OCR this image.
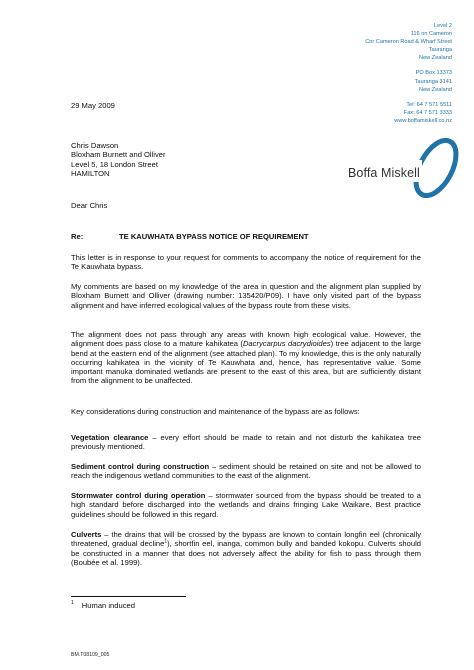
Level 2
116 on Cameron
Cnr Cameron Road & Wharf Street
Tauranga
New Zealand
PO Box 13373
Tauranga 3141
New Zealand
Tel: 64 7 571 5511
Fax: 64 7 571 3333
www.boffamiskell.co.nz
Boffa Miskell
29 May 2009
Chris Dawson
Bloxham Burnett and Olliver
Level 5, 18 London Street
HAMILTON
Dear Chris
Re:	TE KAUWHATA BYPASS NOTICE OF REQUIREMENT
This letter is in response to your request for comments to accompany the notice of requirement for the Te Kauwhata bypass.
My comments are based on my knowledge of the area in question and the alignment plan supplied by Bloxham Burnett and Olliver (drawing number: 135420/P09). I have only visited part of the bypass alignment and have inferred ecological values of the bypass route from these visits.
The alignment does not pass through any areas with known high ecological value. However, the alignment does pass close to a mature kahikatea (Dacrycarpus dacrydioides) tree adjacent to the large bend at the eastern end of the alignment (see attached plan). To my knowledge, this is the only naturally occurring kahikatea in the vicinity of Te Kauwhata and, hence, has representative value. Some important manuka dominated wetlands are present to the east of this area, but are sufficiently distant from the alignment to be unaffected.
Key considerations during construction and maintenance of the bypass are as follows:
Vegetation clearance – every effort should be made to retain and not disturb the kahikatea tree previously mentioned.
Sediment control during construction – sediment should be retained on site and not be allowed to reach the indigenous wetland communities to the east of the alignment.
Stormwater control during operation – stormwater sourced from the bypass should be treated to a high standard before discharged into the wetlands and drains fringing Lake Waikare. Best practice guidelines should be followed in this regard.
Culverts – the drains that will be crossed by the bypass are known to contain longfin eel (chronically threatened, gradual decline$^1$), shortfin eel, inanga, common bully and banded kokopu. Culverts should be constructed in a manner that does not adversely affect the ability for fish to pass through them (Boubée et al. 1999).
$^1$ Human induced
BM.T08109_005
